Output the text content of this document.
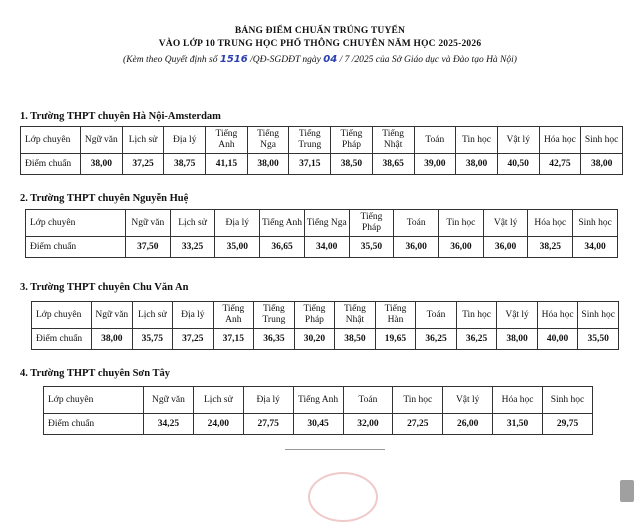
BẢNG ĐIỂM CHUẨN TRÚNG TUYỂN
VÀO LỚP 10 TRUNG HỌC PHỔ THÔNG CHUYÊN NĂM HỌC 2025-2026
(Kèm theo Quyết định số 1516 /QĐ-SGDĐT ngày 04 / 7 /2025 của Sở Giáo dục và Đào tạo Hà Nội)
1. Trường THPT chuyên Hà Nội-Amsterdam
Lớp chuyên	Ngữ văn	Lịch sử	Địa lý	Tiếng Anh	Tiếng Nga	Tiếng Trung	Tiếng Pháp	Tiếng Nhật	Toán	Tin học	Vật lý	Hóa học	Sinh học
Điểm chuẩn	38,00	37,25	38,75	41,15	38,00	37,15	38,50	38,65	39,00	38,00	40,50	42,75	38,00
2. Trường THPT chuyên Nguyễn Huệ
Lớp chuyên	Ngữ văn	Lịch sử	Địa lý	Tiếng Anh	Tiếng Nga	Tiếng Pháp	Toán	Tin học	Vật lý	Hóa học	Sinh học
Điểm chuẩn	37,50	33,25	35,00	36,65	34,00	35,50	36,00	36,00	36,00	38,25	34,00
3. Trường THPT chuyên Chu Văn An
Lớp chuyên	Ngữ văn	Lịch sử	Địa lý	Tiếng Anh	Tiếng Trung	Tiếng Pháp	Tiếng Nhật	Tiếng Hàn	Toán	Tin học	Vật lý	Hóa học	Sinh học
Điểm chuẩn	38,00	35,75	37,25	37,15	36,35	30,20	38,50	19,65	36,25	36,25	38,00	40,00	35,50
4. Trường THPT chuyên Sơn Tây
Lớp chuyên	Ngữ văn	Lịch sử	Địa lý	Tiếng Anh	Toán	Tin học	Vật lý	Hóa học	Sinh học
Điểm chuẩn	34,25	24,00	27,75	30,45	32,00	27,25	26,00	31,50	29,75
